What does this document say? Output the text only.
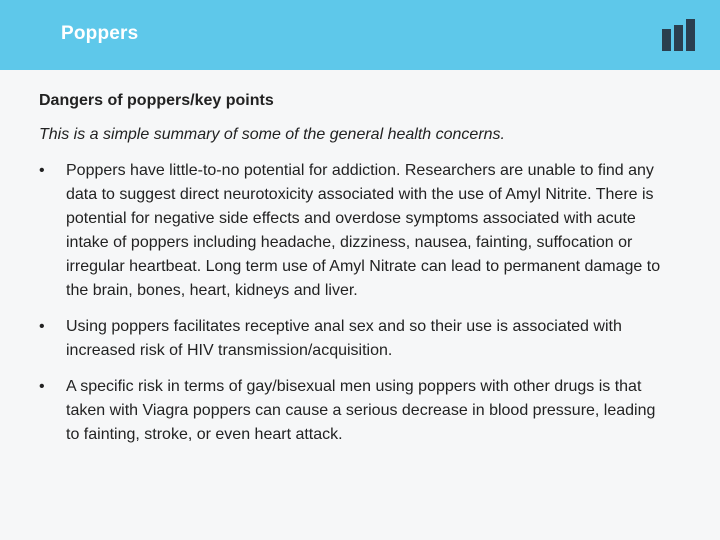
Poppers
Dangers of poppers/key points
This is a simple summary of some of the general health concerns.
• Poppers have little-to-no potential for addiction. Researchers are unable to find any data to suggest direct neurotoxicity associated with the use of Amyl Nitrite. There is potential for negative side effects and overdose symptoms associated with acute intake of poppers including headache, dizziness, nausea, fainting, suffocation or irregular heartbeat. Long term use of Amyl Nitrate can lead to permanent damage to the brain, bones, heart, kidneys and liver.
• Using poppers facilitates receptive anal sex and so their use is associated with increased risk of HIV transmission/acquisition.
• A specific risk in terms of gay/bisexual men using poppers with other drugs is that taken with Viagra poppers can cause a serious decrease in blood pressure, leading to fainting, stroke, or even heart attack.
